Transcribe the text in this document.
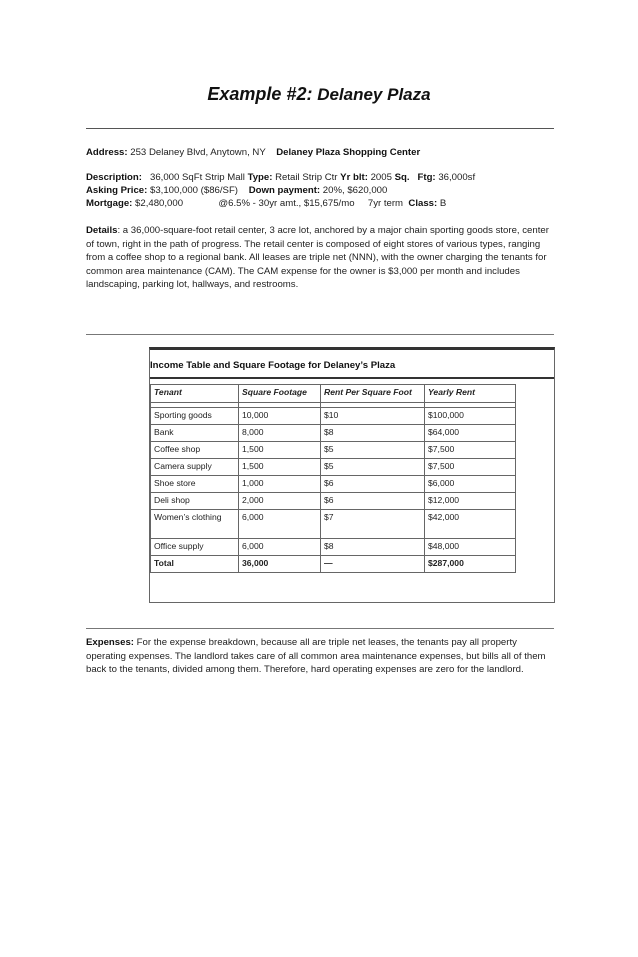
Example #2: Delaney Plaza
Address: 253 Delaney Blvd, Anytown, NY Delaney Plaza Shopping Center
Description: 36,000 SqFt Strip Mall Type: Retail Strip Ctr Yr blt: 2005 Sq. Ftg: 36,000sf
Asking Price: $3,100,000 ($86/SF) Down payment: 20%, $620,000
Mortgage: $2,480,000	@6.5% - 30yr amt., $15,675/mo 7yr term Class: B
Details: a 36,000-square-foot retail center, 3 acre lot, anchored by a major chain sporting goods store, center of town, right in the path of progress. The retail center is composed of eight stores of various types, ranging from a coffee shop to a regional bank. All leases are triple net (NNN), with the owner charging the tenants for common area maintenance (CAM). The CAM expense for the owner is $3,000 per month and includes landscaping, parking lot, hallways, and restrooms.
Income Table and Square Footage for Delaney’s Plaza
Tenant	Square Footage	Rent Per Square Foot	Yearly Rent

Sporting goods	10,000	$10	$100,000
Bank	8,000	$8	$64,000
Coffee shop	1,500	$5	$7,500
Camera supply	1,500	$5	$7,500
Shoe store	1,000	$6	$6,000
Deli shop	2,000	$6	$12,000
Women’s clothing	6,000	$7	$42,000
Office supply	6,000	$8	$48,000
Total	36,000	—	$287,000
Expenses: For the expense breakdown, because all are triple net leases, the tenants pay all property operating expenses. The landlord takes care of all common area maintenance expenses, but bills all of them back to the tenants, divided among them. Therefore, hard operating expenses are zero for the landlord.
